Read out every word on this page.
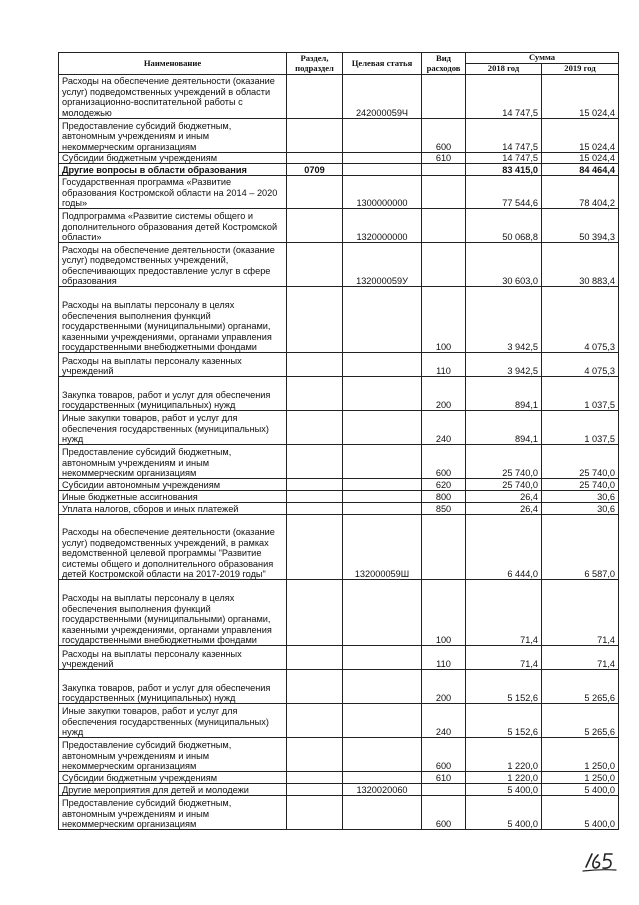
Наименование	Раздел, подраздел	Целевая статья	Вид расходов	Сумма	
				2018 год	2019 год
Расходы на обеспечение деятельности (оказание услуг) подведомственных учреждений в области организационно-воспитательной работы с молодежью		242000059Ч		14 747,5	15 024,4
Предоставление субсидий бюджетным, автономным учреждениям и иным некоммерческим организациям			600	14 747,5	15 024,4
Субсидии бюджетным учреждениям			610	14 747,5	15 024,4
Другие вопросы в области образования	0709			83 415,0	84 464,4
Государственная программа «Развитие образования Костромской области на 2014 – 2020 годы»		1300000000		77 544,6	78 404,2
Подпрограмма «Развитие системы общего и дополнительного образования детей Костромской области»		1320000000		50 068,8	50 394,3
Расходы на обеспечение деятельности (оказание услуг) подведомственных учреждений, обеспечивающих предоставление услуг в сфере образования		132000059У		30 603,0	30 883,4
Расходы на выплаты персоналу в целях обеспечения выполнения функций государственными (муниципальными) органами, казенными учреждениями, органами управления государственными внебюджетными фондами			100	3 942,5	4 075,3
Расходы на выплаты персоналу казенных учреждений			110	3 942,5	4 075,3
Закупка товаров, работ и услуг для обеспечения государственных (муниципальных) нужд			200	894,1	1 037,5
Иные закупки товаров, работ и услуг для обеспечения государственных (муниципальных) нужд			240	894,1	1 037,5
Предоставление субсидий бюджетным, автономным учреждениям и иным некоммерческим организациям			600	25 740,0	25 740,0
Субсидии автономным учреждениям			620	25 740,0	25 740,0
Иные бюджетные ассигнования			800	26,4	30,6
Уплата налогов, сборов и иных платежей			850	26,4	30,6
Расходы на обеспечение деятельности (оказание услуг) подведомственных учреждений, в рамках ведомственной целевой программы "Развитие системы общего и дополнительного образования детей Костромской области на 2017-2019 годы"		132000059Ш		6 444,0	6 587,0
Расходы на выплаты персоналу в целях обеспечения выполнения функций государственными (муниципальными) органами, казенными учреждениями, органами управления государственными внебюджетными фондами			100	71,4	71,4
Расходы на выплаты персоналу казенных учреждений			110	71,4	71,4
Закупка товаров, работ и услуг для обеспечения государственных (муниципальных) нужд			200	5 152,6	5 265,6
Иные закупки товаров, работ и услуг для обеспечения государственных (муниципальных) нужд			240	5 152,6	5 265,6
Предоставление субсидий бюджетным, автономным учреждениям и иным некоммерческим организациям			600	1 220,0	1 250,0
Субсидии бюджетным учреждениям			610	1 220,0	1 250,0
Другие мероприятия для детей и молодежи		1320020060		5 400,0	5 400,0
Предоставление субсидий бюджетным, автономным учреждениям и иным некоммерческим организациям			600	5 400,0	5 400,0
